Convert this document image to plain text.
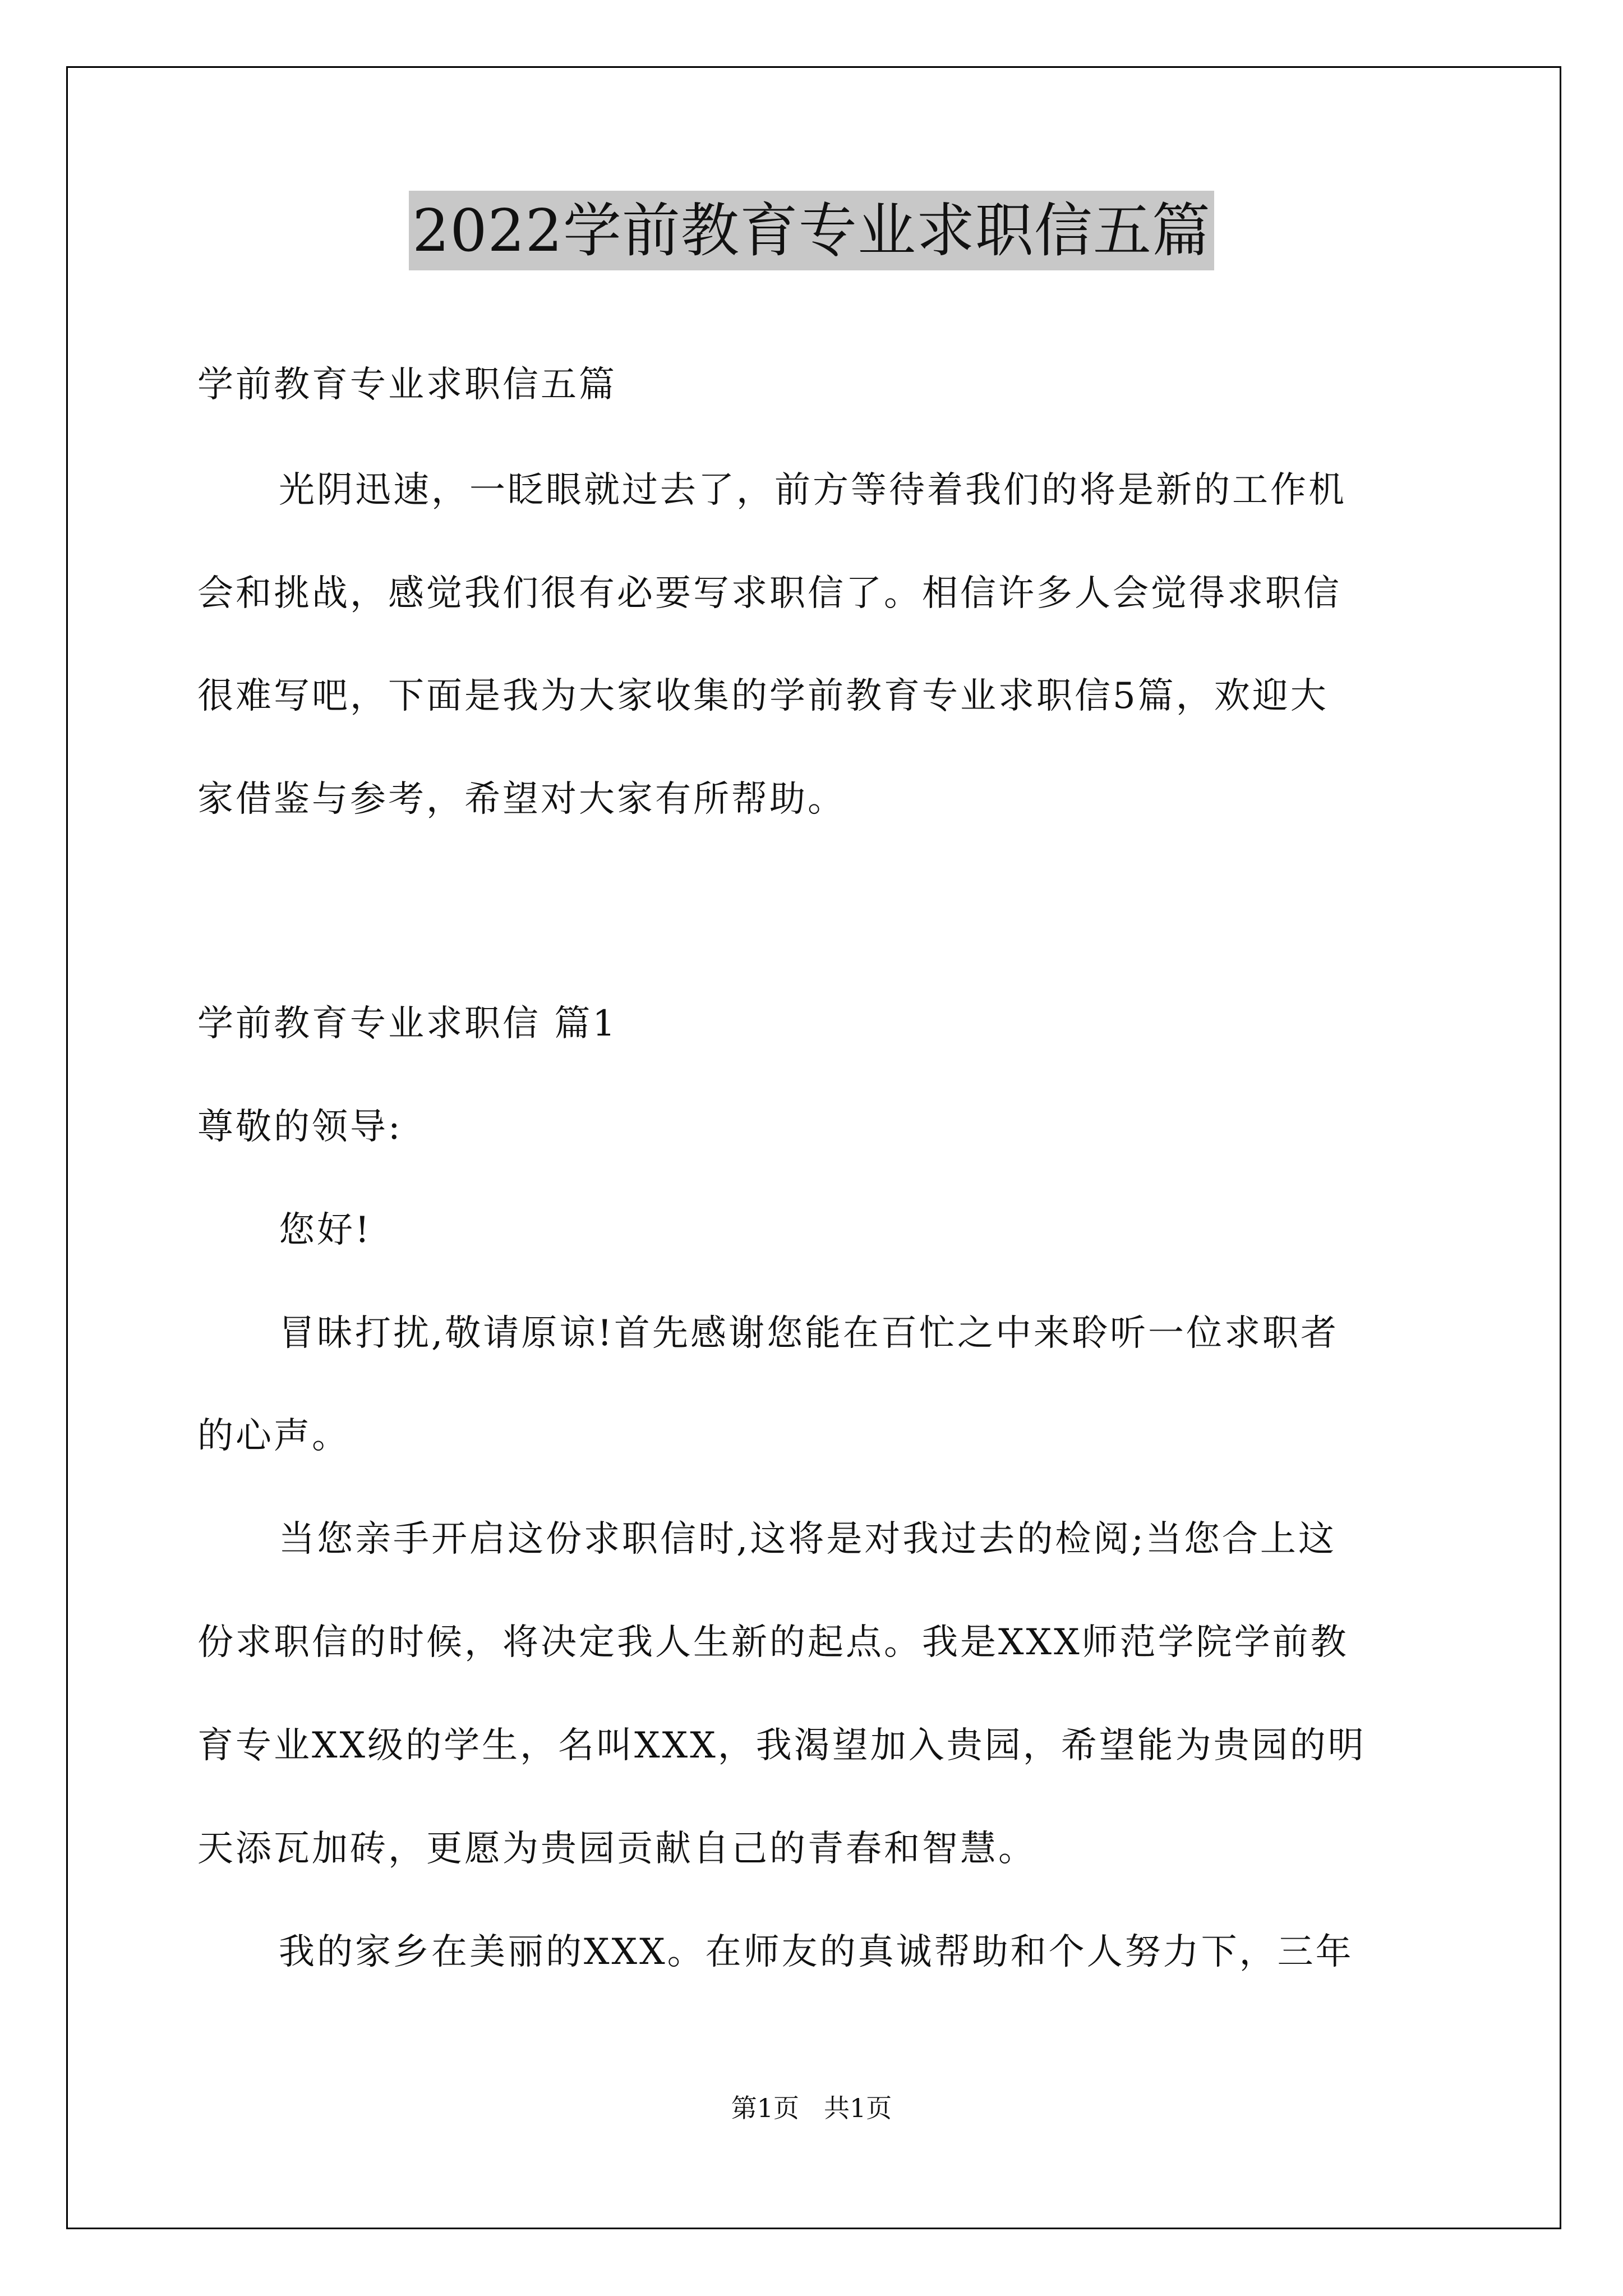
2022学前教育专业求职信五篇
学前教育专业求职信五篇
光阴迅速，一眨眼就过去了，前方等待着我们的将是新的工作机
会和挑战，感觉我们很有必要写求职信了。相信许多人会觉得求职信
很难写吧，下面是我为大家收集的学前教育专业求职信5篇，欢迎大
家借鉴与参考，希望对大家有所帮助。
学前教育专业求职信 篇1
尊敬的领导:
您好!
冒昧打扰,敬请原谅!首先感谢您能在百忙之中来聆听一位求职者
的心声。
当您亲手开启这份求职信时,这将是对我过去的检阅;当您合上这
份求职信的时候，将决定我人生新的起点。我是XXX师范学院学前教
育专业XX级的学生，名叫XXX，我渴望加入贵园，希望能为贵园的明
天添瓦加砖，更愿为贵园贡献自己的青春和智慧。
我的家乡在美丽的XXX。在师友的真诚帮助和个人努力下，三年
第1页 共1页
